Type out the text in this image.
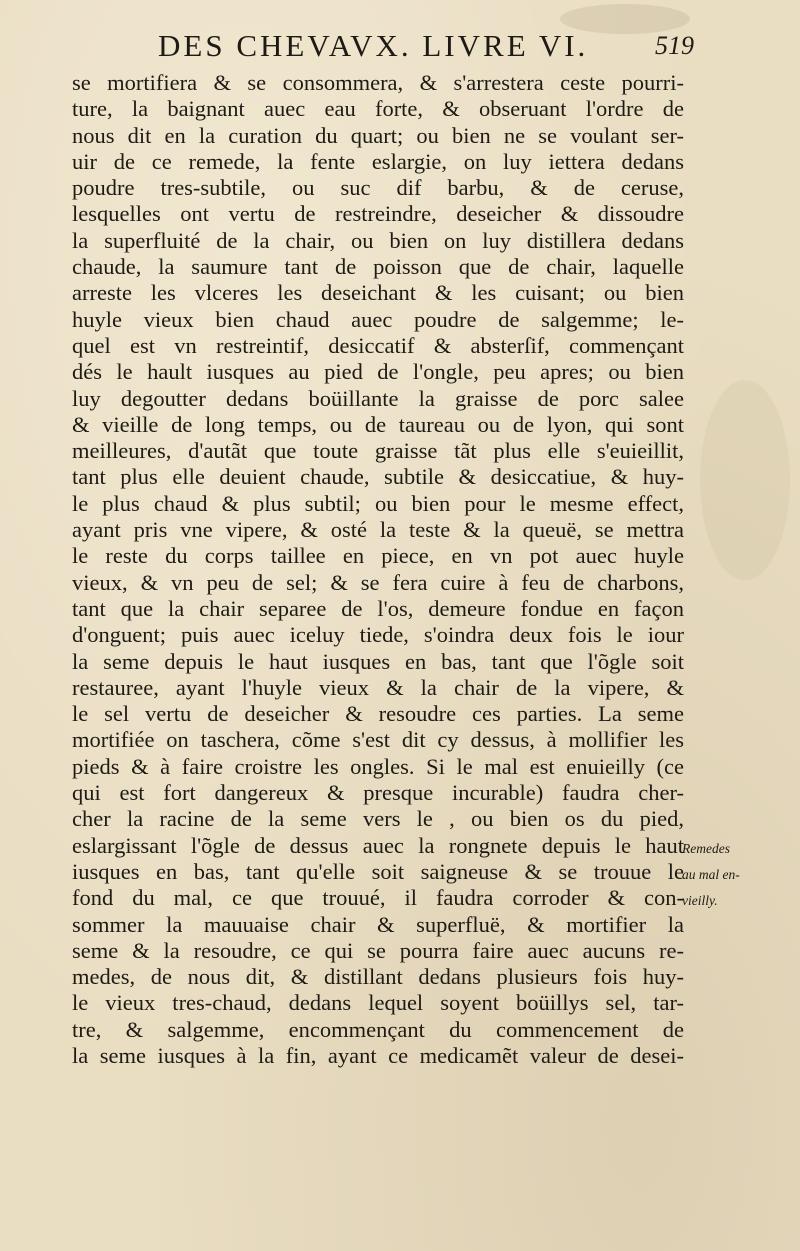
DES CHEVAVX. LIVRE VI.	519
se mortifiera & se consommera, & s'arrestera ceste pourri-
ture, la baignant auec eau forte, & obseruant l'ordre de
nous dit en la curation du quart; ou bien ne se voulant ser-
uir de ce remede, la fente eslargie, on luy iettera dedans
poudre tres-subtile, ou suc dif barbu, & de ceruse,
lesquelles ont vertu de restreindre, deseicher & dissoudre
la superfluité de la chair, ou bien on luy distillera dedans
chaude, la saumure tant de poisson que de chair, laquelle
arreste les vlceres les deseichant & les cuisant; ou bien
huyle vieux bien chaud auec poudre de salgemme; le-
quel est vn restreintif, desiccatif & absterſif, commençant
dés le hault iusques au pied de l'ongle, peu apres; ou bien
luy degoutter dedans boüillante la graisse de porc salee
& vieille de long temps, ou de taureau ou de lyon, qui sont
meilleures, d'autãt que toute graisse tãt plus elle s'euieillit,
tant plus elle deuient chaude, subtile & desiccatiue, & huy-
le plus chaud & plus subtil; ou bien pour le mesme effect,
ayant pris vne vipere, & osté la teste & la queuë, se mettra
le reste du corps taillee en piece, en vn pot auec huyle
vieux, & vn peu de sel; & se fera cuire à feu de charbons,
tant que la chair separee de l'os, demeure fondue en façon
d'onguent; puis auec iceluy tiede, s'oindra deux fois le iour
la seme depuis le haut iusques en bas, tant que l'õgle soit
restauree, ayant l'huyle vieux & la chair de la vipere, &
le sel vertu de deseicher & resoudre ces parties. La seme
mortifiée on taschera, cõme s'est dit cy dessus, à mollifier les
pieds & à faire croistre les ongles. Si le mal est enuieilly (ce
qui est fort dangereux & presque incurable) faudra cher-
cher la racine de la seme vers le , ou bien os du pied,
eslargissant l'õgle de dessus auec la rongnete depuis le haut
iusques en bas, tant qu'elle soit saigneuse & se trouue le
fond du mal, ce que trouué, il faudra corroder & con-
sommer la mauuaise chair & superfluë, & mortifier la
seme & la resoudre, ce qui se pourra faire auec aucuns re-
medes, de nous dit, & distillant dedans plusieurs fois huy-
le vieux tres-chaud, dedans lequel soyent boüillys sel, tar-
tre, & salgemme, encommençant du commencement de
la seme iusques à la fin, ayant ce medicamẽt valeur de desei-
Remedes
au mal en-
vieilly.
